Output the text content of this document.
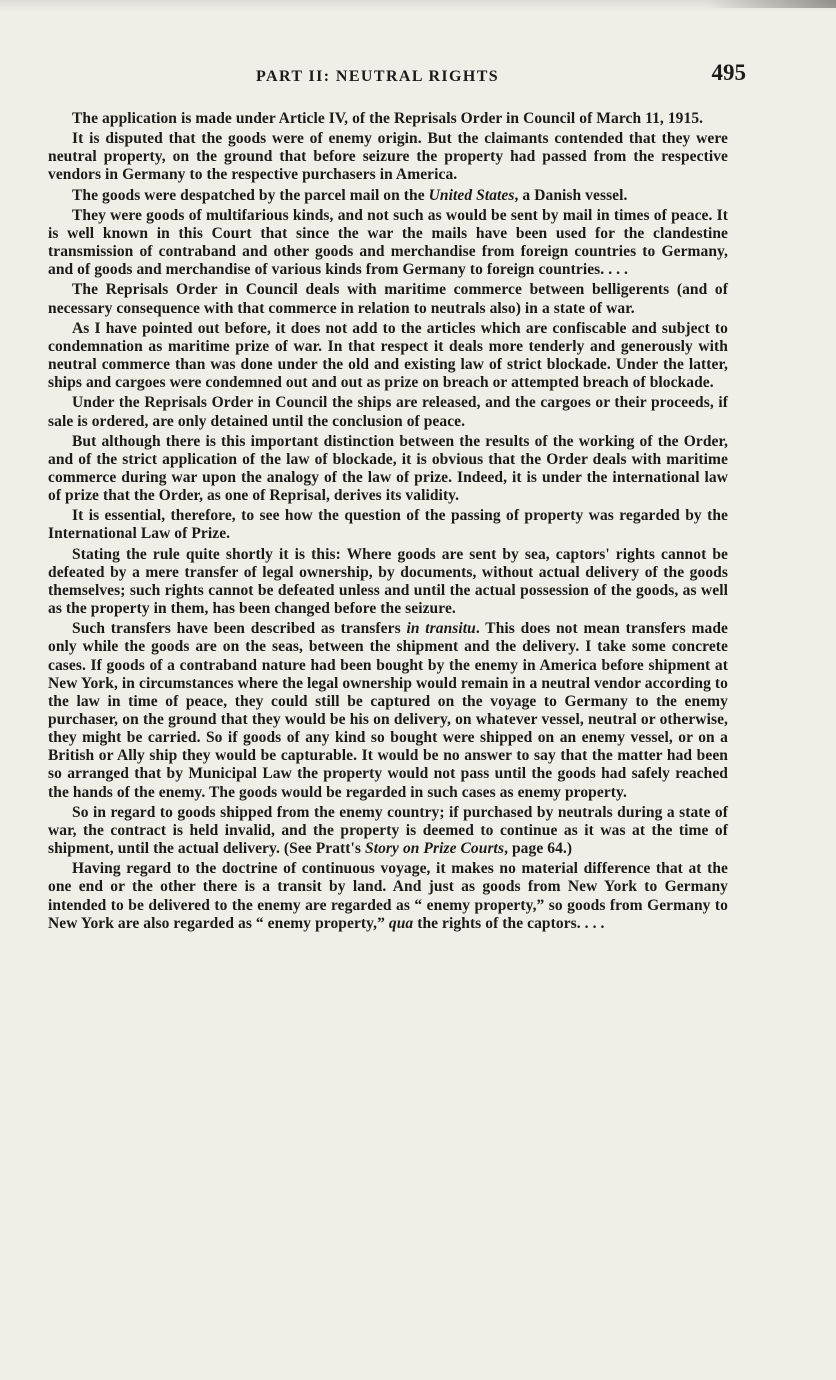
PART II: NEUTRAL RIGHTS	495

The application is made under Article IV, of the Reprisals Order in Council of March 11, 1915.

It is disputed that the goods were of enemy origin. But the claimants contended that they were neutral property, on the ground that before seizure the property had passed from the respective vendors in Germany to the respective purchasers in America.

The goods were despatched by the parcel mail on the United States, a Danish vessel.

They were goods of multifarious kinds, and not such as would be sent by mail in times of peace. It is well known in this Court that since the war the mails have been used for the clandestine transmission of contraband and other goods and merchandise from foreign countries to Germany, and of goods and merchandise of various kinds from Germany to foreign countries. . . .

The Reprisals Order in Council deals with maritime commerce between belligerents (and of necessary consequence with that commerce in relation to neutrals also) in a state of war.

As I have pointed out before, it does not add to the articles which are confiscable and subject to condemnation as maritime prize of war. In that respect it deals more tenderly and generously with neutral commerce than was done under the old and existing law of strict blockade. Under the latter, ships and cargoes were condemned out and out as prize on breach or attempted breach of blockade.

Under the Reprisals Order in Council the ships are released, and the cargoes or their proceeds, if sale is ordered, are only detained until the conclusion of peace.

But although there is this important distinction between the results of the working of the Order, and of the strict application of the law of blockade, it is obvious that the Order deals with maritime commerce during war upon the analogy of the law of prize. Indeed, it is under the international law of prize that the Order, as one of Reprisal, derives its validity.

It is essential, therefore, to see how the question of the passing of property was regarded by the International Law of Prize.

Stating the rule quite shortly it is this: Where goods are sent by sea, captors' rights cannot be defeated by a mere transfer of legal ownership, by documents, without actual delivery of the goods themselves; such rights cannot be defeated unless and until the actual possession of the goods, as well as the property in them, has been changed before the seizure.

Such transfers have been described as transfers in transitu. This does not mean transfers made only while the goods are on the seas, between the shipment and the delivery. I take some concrete cases. If goods of a contraband nature had been bought by the enemy in America before shipment at New York, in circumstances where the legal ownership would remain in a neutral vendor according to the law in time of peace, they could still be captured on the voyage to Germany to the enemy purchaser, on the ground that they would be his on delivery, on whatever vessel, neutral or otherwise, they might be carried. So if goods of any kind so bought were shipped on an enemy vessel, or on a British or Ally ship they would be capturable. It would be no answer to say that the matter had been so arranged that by Municipal Law the property would not pass until the goods had safely reached the hands of the enemy. The goods would be regarded in such cases as enemy property.

So in regard to goods shipped from the enemy country; if purchased by neutrals during a state of war, the contract is held invalid, and the property is deemed to continue as it was at the time of shipment, until the actual delivery. (See Pratt's Story on Prize Courts, page 64.)

Having regard to the doctrine of continuous voyage, it makes no material difference that at the one end or the other there is a transit by land. And just as goods from New York to Germany intended to be delivered to the enemy are regarded as “ enemy property,” so goods from Germany to New York are also regarded as “ enemy property,” qua the rights of the captors. . . .
